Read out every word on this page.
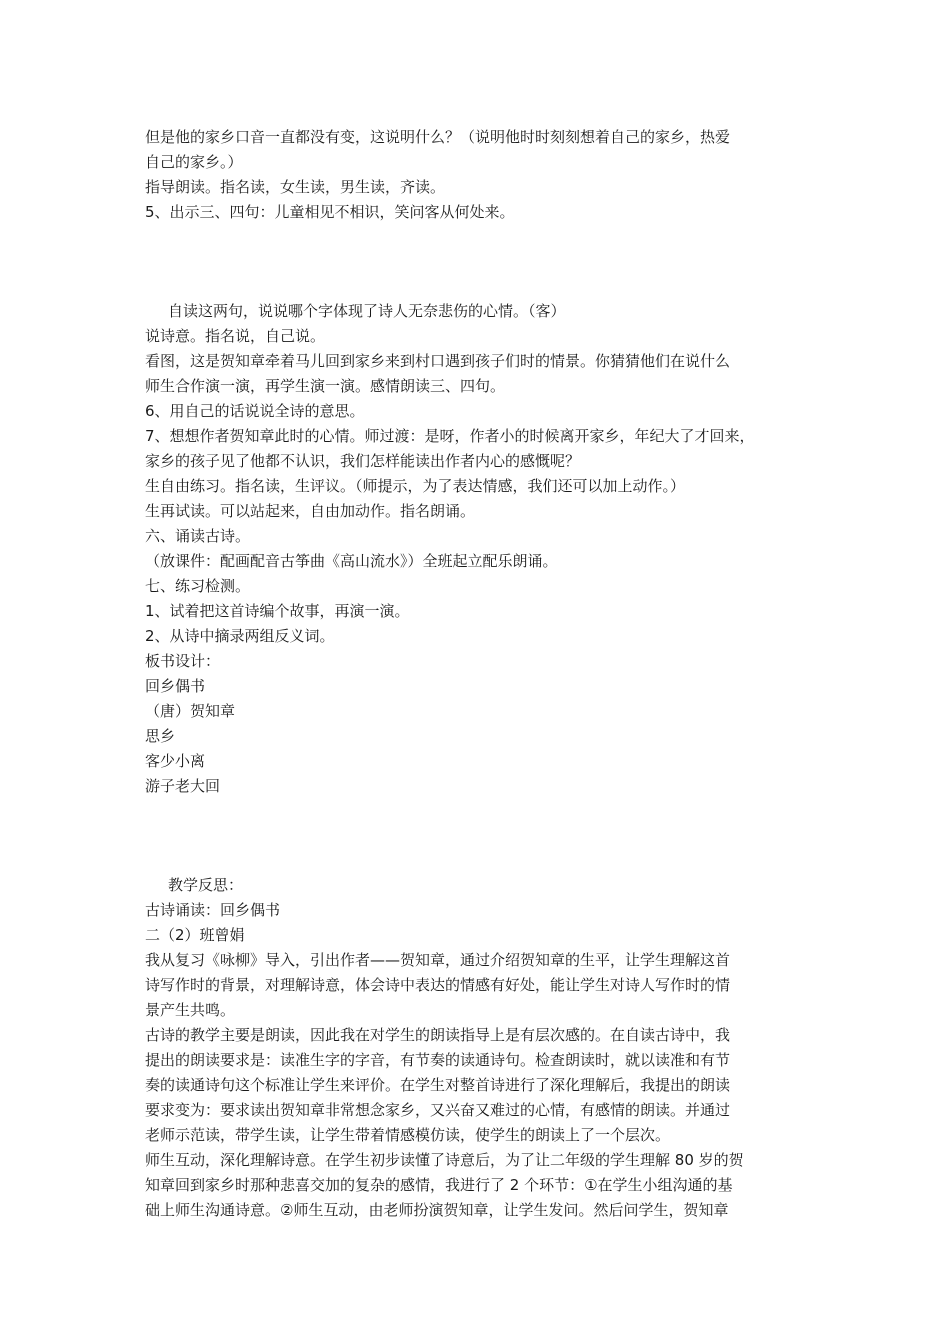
但是他的家乡口音一直都没有变，这说明什么？（说明他时时刻刻想着自己的家乡，热爱
自己的家乡。）
指导朗读。指名读，女生读，男生读，齐读。
5、出示三、四句：儿童相见不相识，笑问客从何处来。
自读这两句，说说哪个字体现了诗人无奈悲伤的心情。（客）
说诗意。指名说，自己说。
看图，这是贺知章牵着马儿回到家乡来到村口遇到孩子们时的情景。你猜猜他们在说什么
师生合作演一演，再学生演一演。感情朗读三、四句。
6、用自己的话说说全诗的意思。
7、想想作者贺知章此时的心情。师过渡：是呀，作者小的时候离开家乡，年纪大了才回来，
家乡的孩子见了他都不认识，我们怎样能读出作者内心的感慨呢？
生自由练习。指名读，生评议。（师提示，为了表达情感，我们还可以加上动作。）
生再试读。可以站起来，自由加动作。指名朗诵。
六、诵读古诗。
（放课件：配画配音古筝曲《高山流水》）全班起立配乐朗诵。
七、练习检测。
1、试着把这首诗编个故事，再演一演。
2、从诗中摘录两组反义词。
板书设计：
回乡偶书
（唐）贺知章
思乡
客少小离
游子老大回
教学反思：
古诗诵读：回乡偶书
二（2）班曾娟
我从复习《咏柳》导入，引出作者——贺知章，通过介绍贺知章的生平，让学生理解这首
诗写作时的背景，对理解诗意，体会诗中表达的情感有好处，能让学生对诗人写作时的情
景产生共鸣。
古诗的教学主要是朗读，因此我在对学生的朗读指导上是有层次感的。在自读古诗中，我
提出的朗读要求是：读准生字的字音，有节奏的读通诗句。检查朗读时，就以读准和有节
奏的读通诗句这个标准让学生来评价。在学生对整首诗进行了深化理解后，我提出的朗读
要求变为：要求读出贺知章非常想念家乡，又兴奋又难过的心情，有感情的朗读。并通过
老师示范读，带学生读，让学生带着情感模仿读，使学生的朗读上了一个层次。
师生互动，深化理解诗意。在学生初步读懂了诗意后，为了让二年级的学生理解 80 岁的贺
知章回到家乡时那种悲喜交加的复杂的感情，我进行了 2 个环节：①在学生小组沟通的基
础上师生沟通诗意。②师生互动，由老师扮演贺知章，让学生发问。然后问学生，贺知章
